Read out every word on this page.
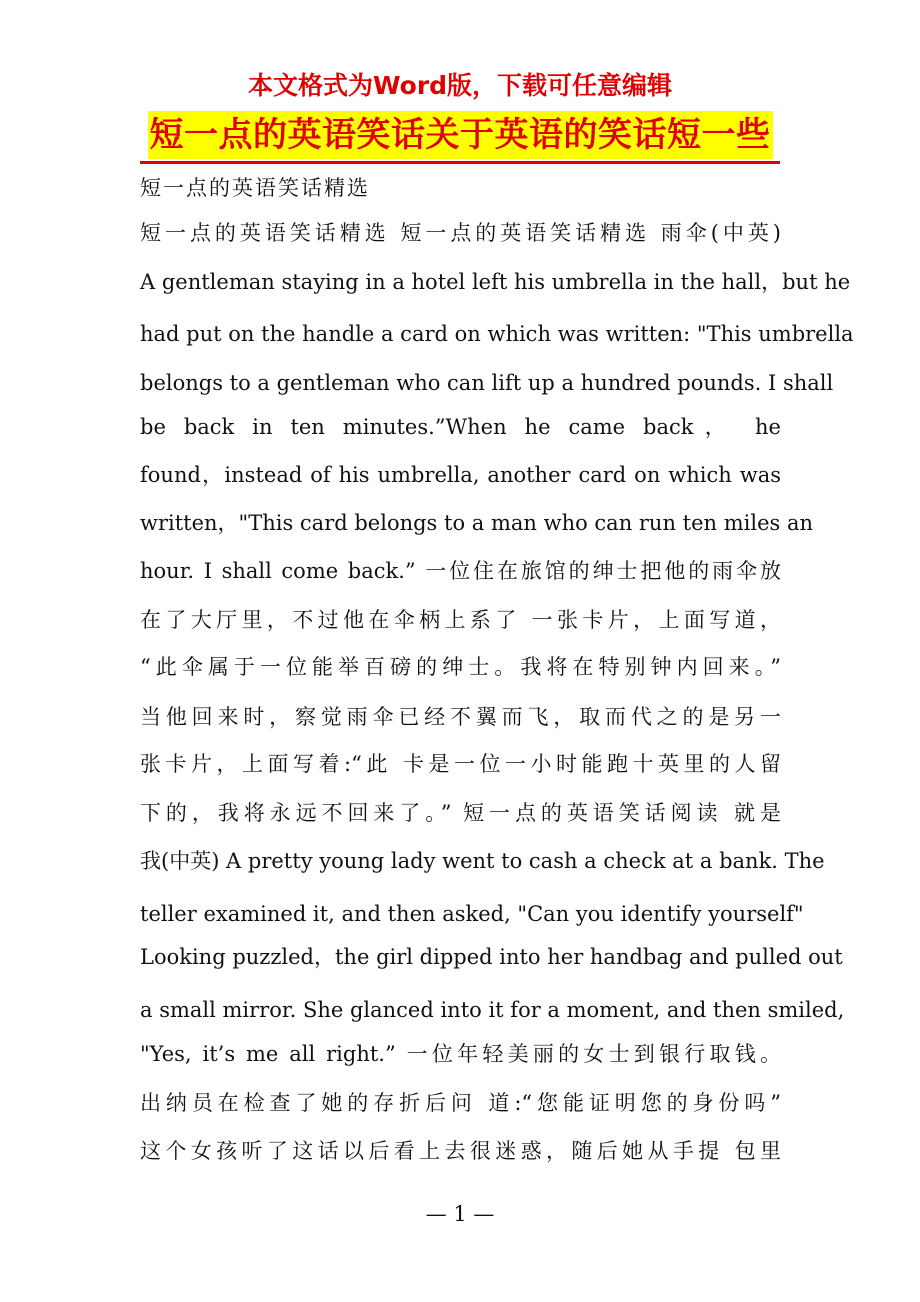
本文格式为Word版，下载可任意编辑
短一点的英语笑话关于英语的笑话短一些
短一点的英语笑话精选
短一点的英语笑话精选 短一点的英语笑话精选 雨伞(中英)
A gentleman staying in a hotel left his umbrella in the hall，but he
had put on the handle a card on which was written: "This umbrella
belongs to a gentleman who can lift up a hundred pounds. I shall
be back in ten minutes.”When he came back， he
found，instead of his umbrella, another card on which was
written，"This card belongs to a man who can run ten miles an
hour. I shall come back.” 一位住在旅馆的绅士把他的雨伞放
在了大厅里，不过他在伞柄上系了 一张卡片，上面写道，
“此伞属于一位能举百磅的绅士。我将在特别钟内回来。”
当他回来时，察觉雨伞已经不翼而飞，取而代之的是另一
张卡片，上面写着:“此 卡是一位一小时能跑十英里的人留
下的，我将永远不回来了。” 短一点的英语笑话阅读 就是
我(中英) A pretty young lady went to cash a check at a bank. The
teller examined it, and then asked, "Can you identify yourself"
Looking puzzled，the girl dipped into her handbag and pulled out
a small mirror. She glanced into it for a moment, and then smiled,
"Yes, it’s me all right.” 一位年轻美丽的女士到银行取钱。
出纳员在检查了她的存折后问 道:“您能证明您的身份吗”
这个女孩听了这话以后看上去很迷惑，随后她从手提 包里
— 1 —
